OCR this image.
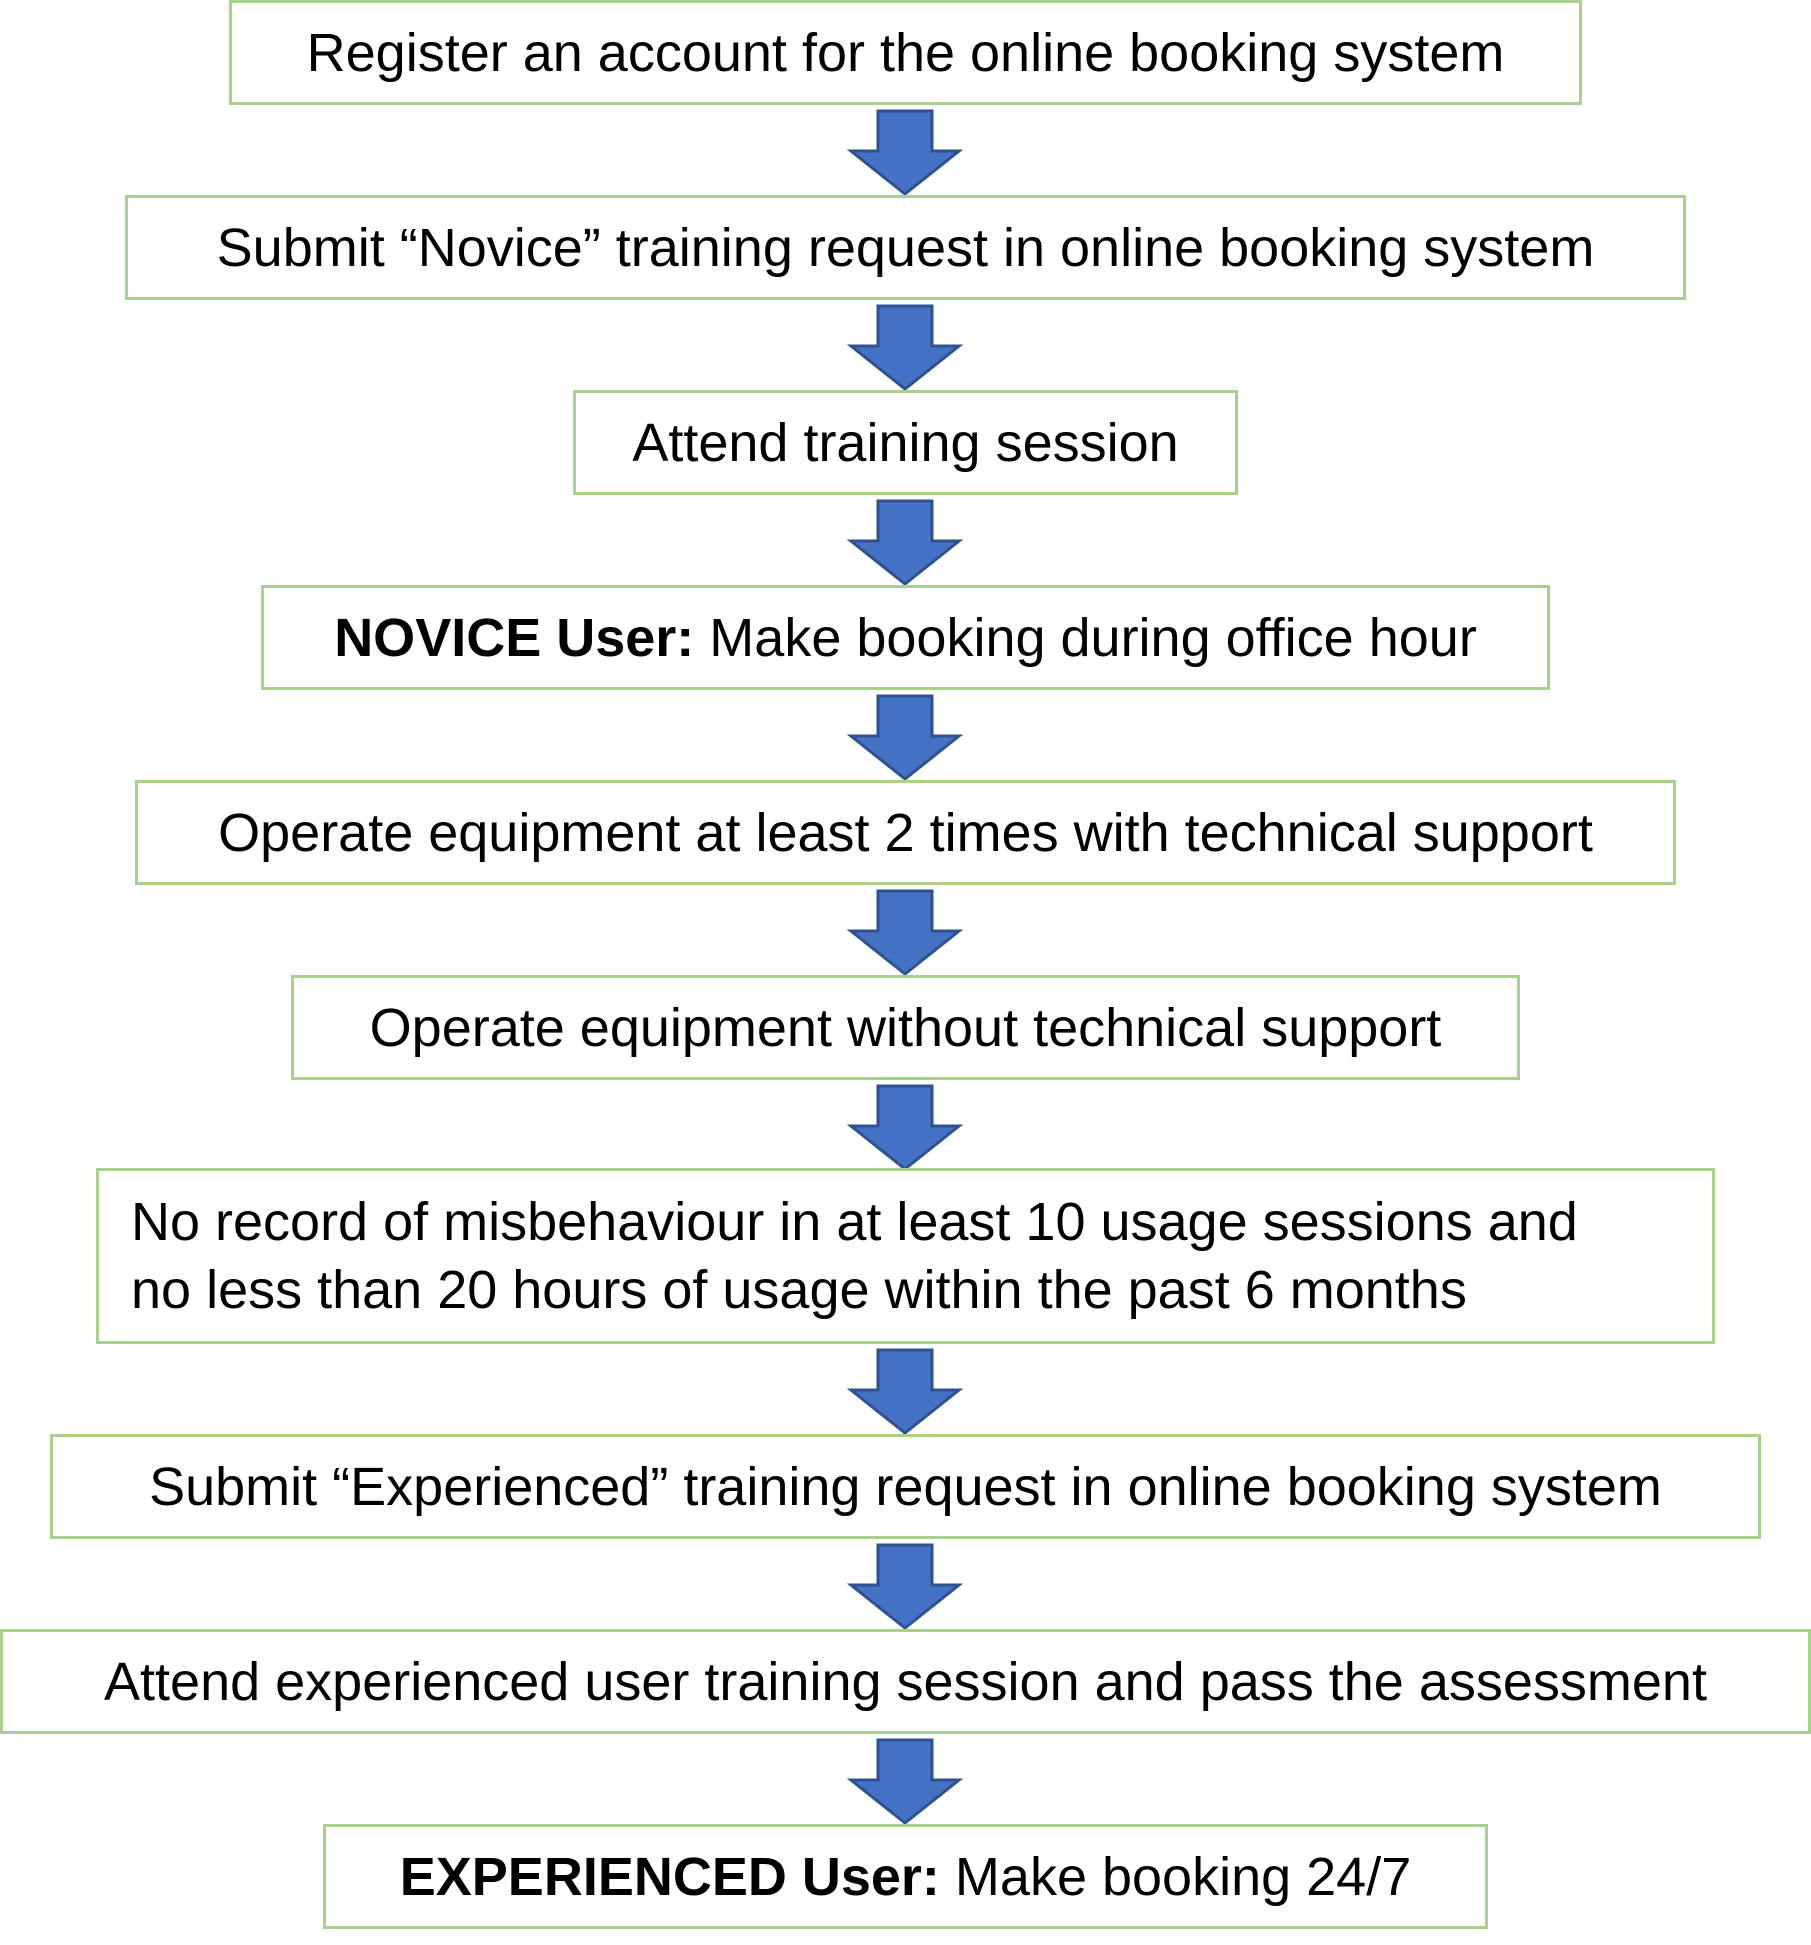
Register an account for the online booking system
Submit “Novice” training request in online booking system
Attend training session
NOVICE User: Make booking during office hour
Operate equipment at least 2 times with technical support
Operate equipment without technical support
No record of misbehaviour in at least 10 usage sessions and
no less than 20 hours of usage within the past 6 months
Submit “Experienced” training request in online booking system
Attend experienced user training session and pass the assessment
EXPERIENCED User: Make booking 24/7
